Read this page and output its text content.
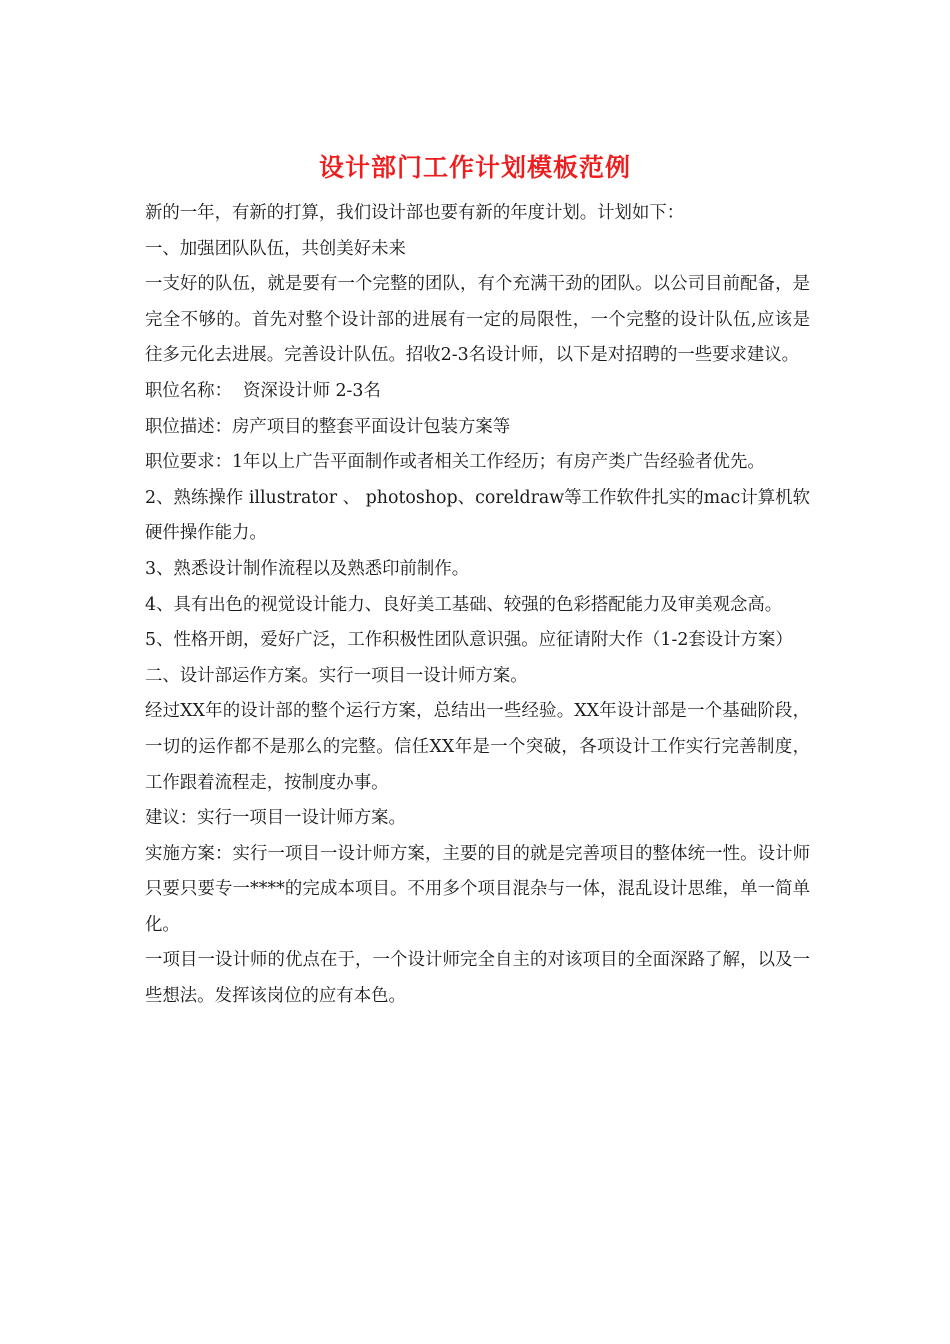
设计部门工作计划模板范例

新的一年，有新的打算，我们设计部也要有新的年度计划。计划如下：

一、加强团队队伍，共创美好未来

一支好的队伍，就是要有一个完整的团队，有个充满干劲的团队。以公司目前配备，是完全不够的。首先对整个设计部的进展有一定的局限性，一个完整的设计队伍,应该是往多元化去进展。完善设计队伍。招收2-3名设计师，以下是对招聘的一些要求建议。

职位名称：  资深设计师 2-3名

职位描述：房产项目的整套平面设计包装方案等

职位要求：1年以上广告平面制作或者相关工作经历；有房产类广告经验者优先。

2、熟练操作 illustrator 、 photoshop、coreldraw等工作软件扎实的mac计算机软硬件操作能力。

3、熟悉设计制作流程以及熟悉印前制作。

4、具有出色的视觉设计能力、良好美工基础、较强的色彩搭配能力及审美观念高。

5、性格开朗，爱好广泛，工作积极性团队意识强。应征请附大作（1-2套设计方案）

二、设计部运作方案。实行一项目一设计师方案。

经过XX年的设计部的整个运行方案，总结出一些经验。XX年设计部是一个基础阶段，一切的运作都不是那么的完整。信任XX年是一个突破，各项设计工作实行完善制度，工作跟着流程走，按制度办事。

建议：实行一项目一设计师方案。

实施方案：实行一项目一设计师方案，主要的目的就是完善项目的整体统一性。设计师只要只要专一****的完成本项目。不用多个项目混杂与一体，混乱设计思维，单一简单化。

一项目一设计师的优点在于，一个设计师完全自主的对该项目的全面深路了解，以及一些想法。发挥该岗位的应有本色。
